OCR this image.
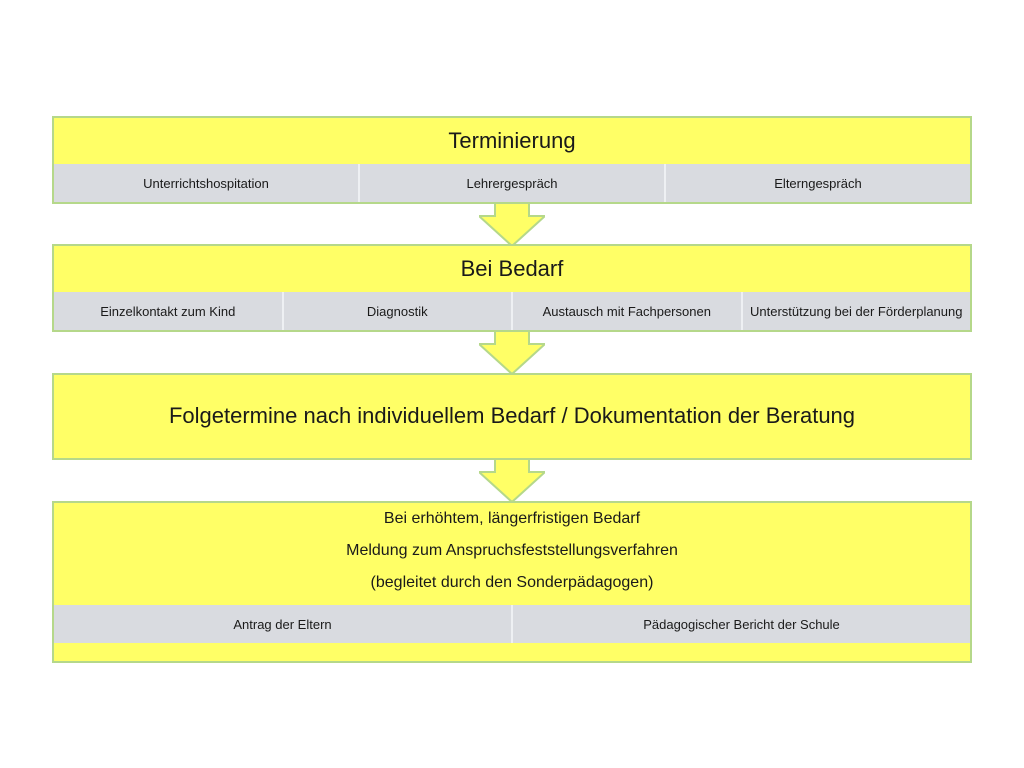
Terminierung
Unterrichtshospitation	Lehrergespräch	Elterngespräch
Bei Bedarf
Einzelkontakt zum Kind	Diagnostik	Austausch mit Fachpersonen	Unterstützung bei der Förderplanung
Folgetermine nach individuellem Bedarf / Dokumentation der Beratung
Bei erhöhtem, längerfristigen Bedarf
Meldung zum Anspruchsfeststellungsverfahren
(begleitet durch den Sonderpädagogen)
Antrag der Eltern	Pädagogischer Bericht der Schule
